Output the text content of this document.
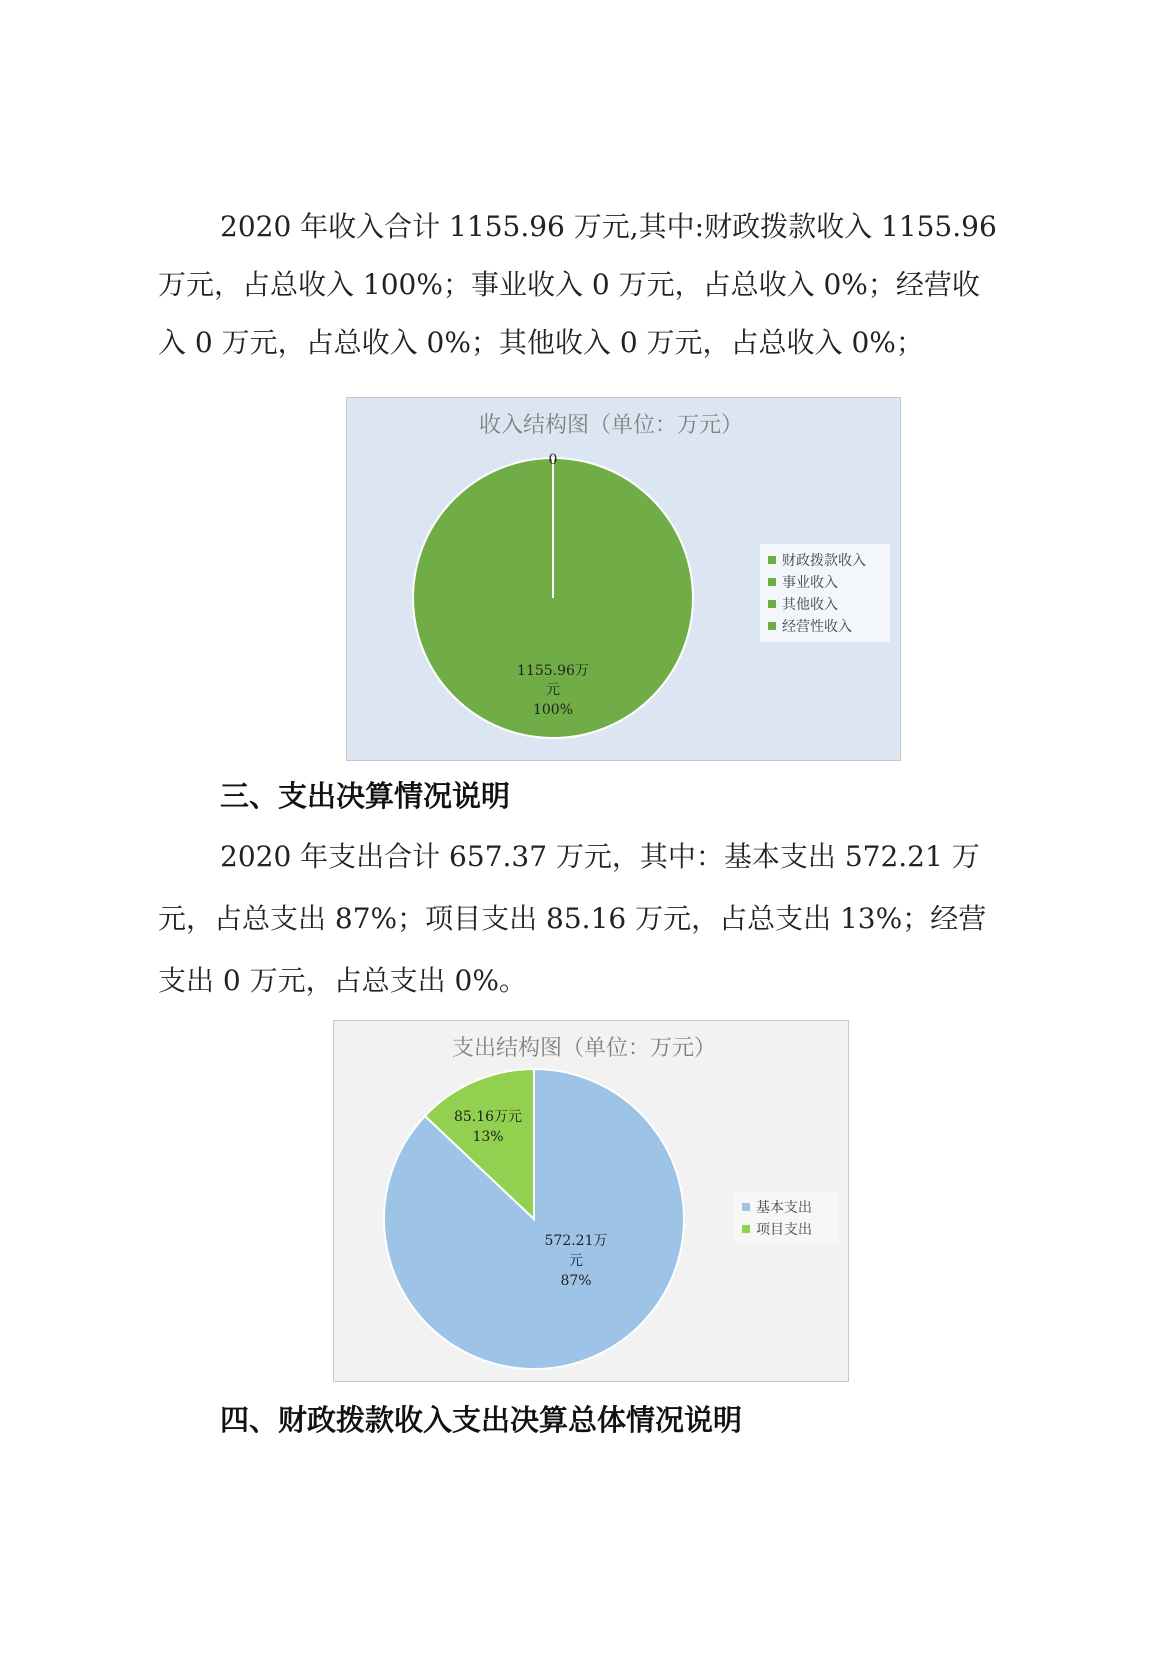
2020 年收入合计 1155.96 万元,其中:财政拨款收入 1155.96

万元，占总收入 100%；事业收入 0 万元，占总收入 0%；经营收

入 0 万元，占总收入 0%；其他收入 0 万元，占总收入 0%；

收入结构图（单位：万元）
0
1155.96万
元
100%
财政拨款收入
事业收入
其他收入
经营性收入
三、支出决算情况说明

2020 年支出合计 657.37 万元，其中：基本支出 572.21 万

元，占总支出 87%；项目支出 85.16 万元，占总支出 13%；经营

支出 0 万元，占总支出 0%。

支出结构图（单位：万元）
572.21万
元
87%
85.16万元
13%
基本支出
项目支出
四、财政拨款收入支出决算总体情况说明
